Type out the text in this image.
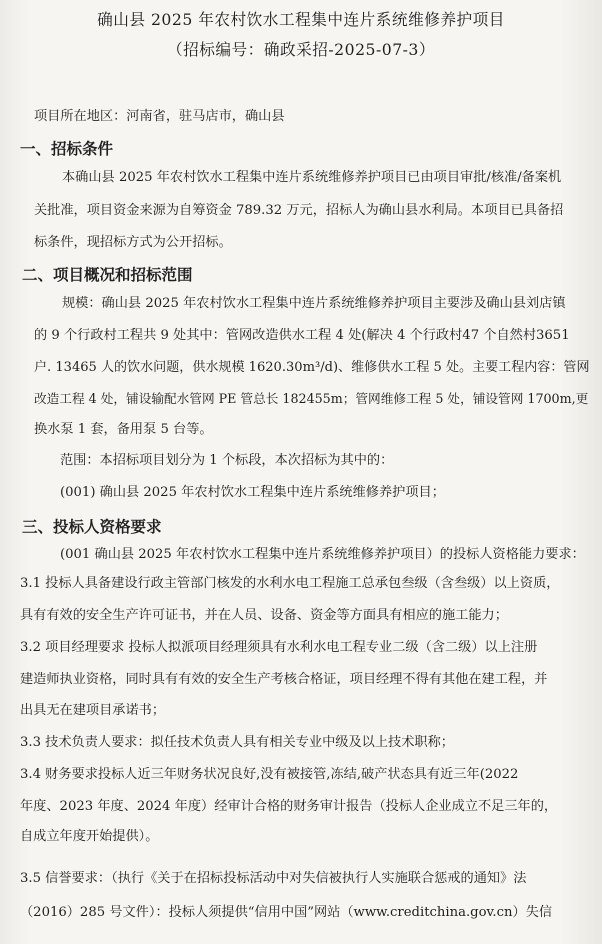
确山县 2025 年农村饮水工程集中连片系统维修养护项目
（招标编号：确政采招-2025-07-3）
项目所在地区：河南省，驻马店市，确山县
一、招标条件
本确山县 2025 年农村饮水工程集中连片系统维修养护项目已由项目审批/核准/备案机
关批准，项目资金来源为自筹资金 789.32 万元，招标人为确山县水利局。本项目已具备招
标条件，现招标方式为公开招标。
二、项目概况和招标范围
规模：确山县 2025 年农村饮水工程集中连片系统维修养护项目主要涉及确山县刘店镇
的 9 个行政村工程共 9 处其中：管网改造供水工程 4 处(解决 4 个行政村47 个自然村3651
户. 13465 人的饮水问题，供水规模 1620.30m³/d)、维修供水工程 5 处。主要工程内容：管网
改造工程 4 处，铺设输配水管网 PE 管总长 182455m；管网维修工程 5 处，铺设管网 1700m,更
换水泵 1 套，备用泵 5 台等。
范围：本招标项目划分为 1 个标段，本次招标为其中的：
(001) 确山县 2025 年农村饮水工程集中连片系统维修养护项目；
三、投标人资格要求
(001 确山县 2025 年农村饮水工程集中连片系统维修养护项目）的投标人资格能力要求：
3.1 投标人具备建设行政主管部门核发的水利水电工程施工总承包叁级（含叁级）以上资质，
具有有效的安全生产许可证书，并在人员、设备、资金等方面具有相应的施工能力；
3.2 项目经理要求 投标人拟派项目经理须具有水利水电工程专业二级（含二级）以上注册
建造师执业资格，同时具有有效的安全生产考核合格证，项目经理不得有其他在建工程，并
出具无在建项目承诺书；
3.3 技术负责人要求：拟任技术负责人具有相关专业中级及以上技术职称；
3.4 财务要求投标人近三年财务状况良好,没有被接管,冻结,破产状态具有近三年(2022
年度、2023 年度、2024 年度）经审计合格的财务审计报告（投标人企业成立不足三年的，
自成立年度开始提供）。
3.5 信誉要求：（执行《关于在招标投标活动中对失信被执行人实施联合惩戒的通知》法
（2016）285 号文件）：投标人须提供“信用中国”网站（www.creditchina.gov.cn）失信
